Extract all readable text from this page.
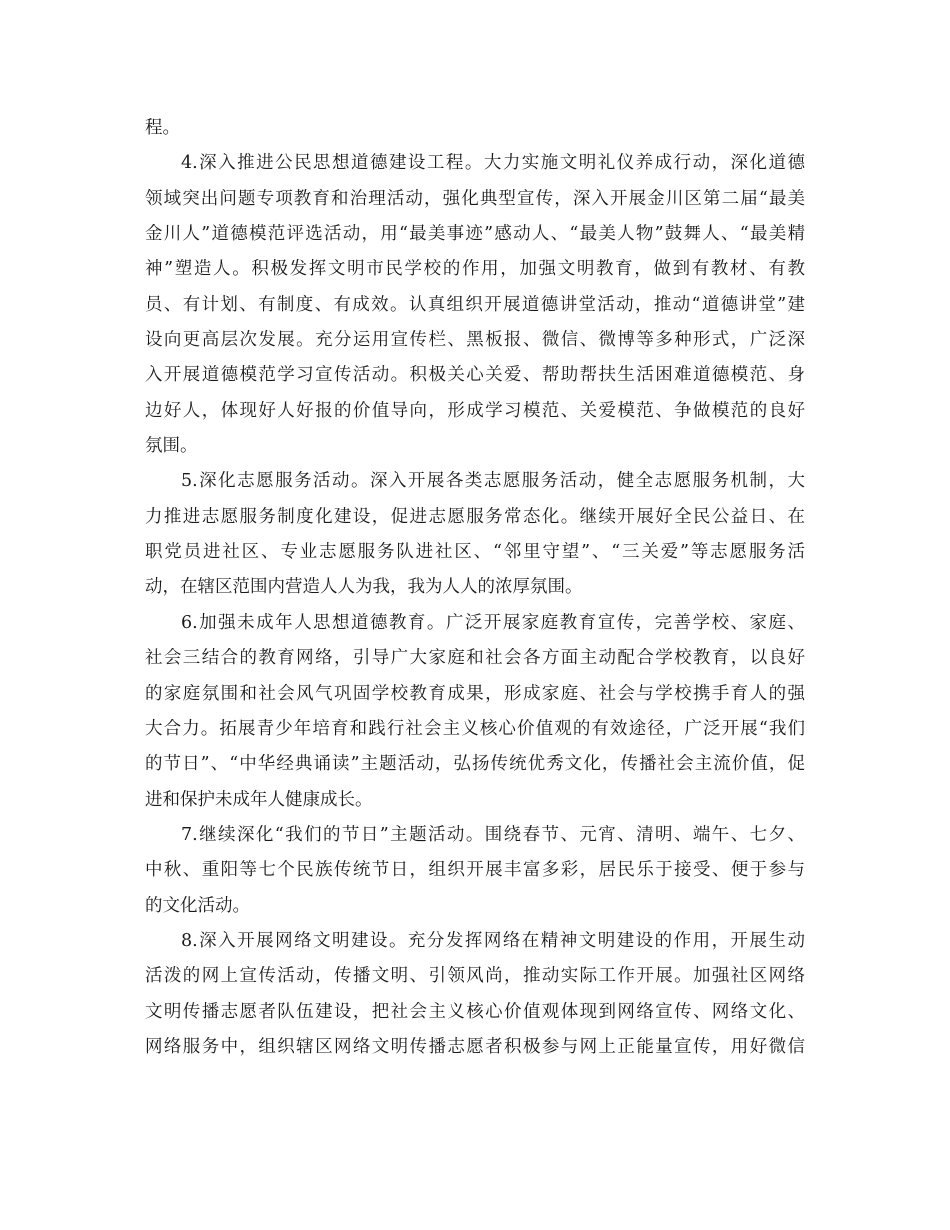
程。
4.深入推进公民思想道德建设工程。大力实施文明礼仪养成行动，深化道德
领域突出问题专项教育和治理活动，强化典型宣传，深入开展金川区第二届“最美
金川人”道德模范评选活动，用“最美事迹”感动人、“最美人物”鼓舞人、“最美精
神”塑造人。积极发挥文明市民学校的作用，加强文明教育，做到有教材、有教
员、有计划、有制度、有成效。认真组织开展道德讲堂活动，推动“道德讲堂”建
设向更高层次发展。充分运用宣传栏、黑板报、微信、微博等多种形式，广泛深
入开展道德模范学习宣传活动。积极关心关爱、帮助帮扶生活困难道德模范、身
边好人，体现好人好报的价值导向，形成学习模范、关爱模范、争做模范的良好
氛围。
5.深化志愿服务活动。深入开展各类志愿服务活动，健全志愿服务机制，大
力推进志愿服务制度化建设，促进志愿服务常态化。继续开展好全民公益日、在
职党员进社区、专业志愿服务队进社区、“邻里守望”、“三关爱”等志愿服务活
动，在辖区范围内营造人人为我，我为人人的浓厚氛围。
6.加强未成年人思想道德教育。广泛开展家庭教育宣传，完善学校、家庭、
社会三结合的教育网络，引导广大家庭和社会各方面主动配合学校教育，以良好
的家庭氛围和社会风气巩固学校教育成果，形成家庭、社会与学校携手育人的强
大合力。拓展青少年培育和践行社会主义核心价值观的有效途径，广泛开展“我们
的节日”、“中华经典诵读”主题活动，弘扬传统优秀文化，传播社会主流价值，促
进和保护未成年人健康成长。
7.继续深化“我们的节日”主题活动。围绕春节、元宵、清明、端午、七夕、
中秋、重阳等七个民族传统节日，组织开展丰富多彩，居民乐于接受、便于参与
的文化活动。
8.深入开展网络文明建设。充分发挥网络在精神文明建设的作用，开展生动
活泼的网上宣传活动，传播文明、引领风尚，推动实际工作开展。加强社区网络
文明传播志愿者队伍建设，把社会主义核心价值观体现到网络宣传、网络文化、
网络服务中，组织辖区网络文明传播志愿者积极参与网上正能量宣传，用好微信
